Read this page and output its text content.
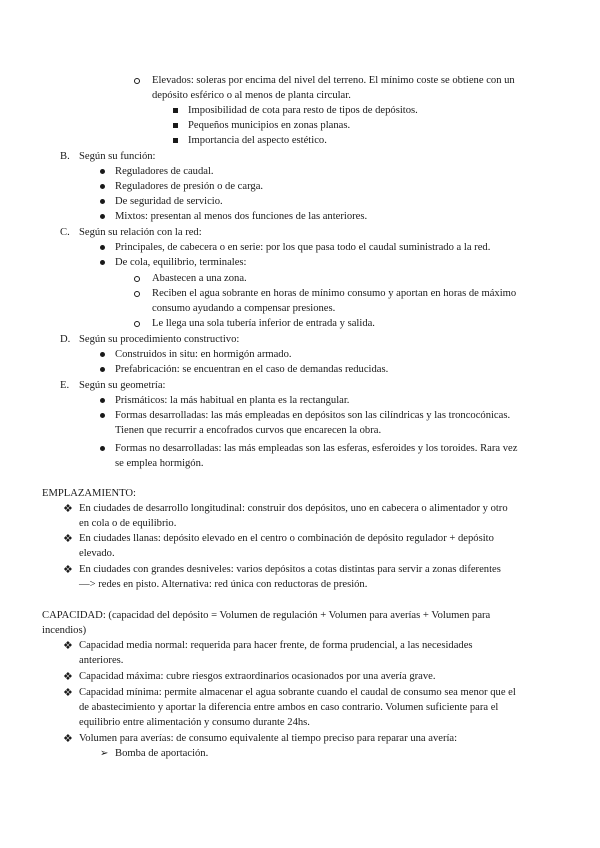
Elevados: soleras por encima del nivel del terreno. El mínimo coste se obtiene con un
depósito esférico o al menos de planta circular.
Imposibilidad de cota para resto de tipos de depósitos.
Pequeños municipios en zonas planas.
Importancia del aspecto estético.
B. Según su función:
Reguladores de caudal.
Reguladores de presión o de carga.
De seguridad de servicio.
Mixtos: presentan al menos dos funciones de las anteriores.
C. Según su relación con la red:
Principales, de cabecera o en serie: por los que pasa todo el caudal suministrado a la red.
De cola, equilibrio, terminales:
Abastecen a una zona.
Reciben el agua sobrante en horas de mínimo consumo y aportan en horas de máximo
consumo ayudando a compensar presiones.
Le llega una sola tubería inferior de entrada y salida.
D. Según su procedimiento constructivo:
Construidos in situ: en hormigón armado.
Prefabricación: se encuentran en el caso de demandas reducidas.
E. Según su geometría:
Prismáticos: la más habitual en planta es la rectangular.
Formas desarrolladas: las más empleadas en depósitos son las cilíndricas y las troncocónicas.
Tienen que recurrir a encofrados curvos que encarecen la obra.
Formas no desarrolladas: las más empleadas son las esferas, esferoides y los toroides. Rara vez
se emplea hormigón.
EMPLAZAMIENTO:
❖ En ciudades de desarrollo longitudinal: construir dos depósitos, uno en cabecera o alimentador y otro
en cola o de equilibrio.
❖ En ciudades llanas: depósito elevado en el centro o combinación de depósito regulador + depósito
elevado.
❖ En ciudades con grandes desniveles: varios depósitos a cotas distintas para servir a zonas diferentes
—> redes en pisto. Alternativa: red única con reductoras de presión.
CAPACIDAD: (capacidad del depósito = Volumen de regulación + Volumen para averías + Volumen para
incendios)
❖ Capacidad media normal: requerida para hacer frente, de forma prudencial, a las necesidades
anteriores.
❖ Capacidad máxima: cubre riesgos extraordinarios ocasionados por una avería grave.
❖ Capacidad mínima: permite almacenar el agua sobrante cuando el caudal de consumo sea menor que el
de abastecimiento y aportar la diferencia entre ambos en caso contrario. Volumen suficiente para el
equilibrio entre alimentación y consumo durante 24hs.
❖ Volumen para averías: de consumo equivalente al tiempo preciso para reparar una avería:
➢ Bomba de aportación.
